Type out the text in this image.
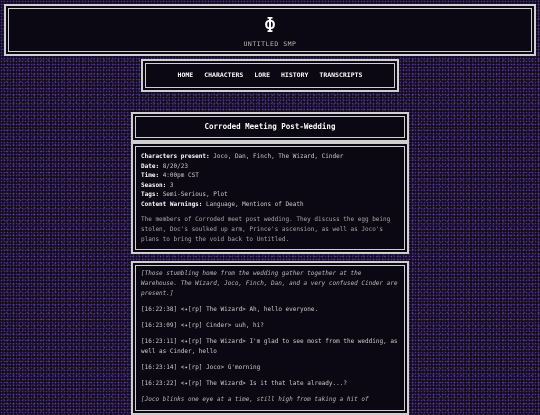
Φ
UNTITLED SMP
HOME CHARACTERS LORE HISTORY TRANSCRIPTS
Corroded Meeting Post-Wedding
Characters present: Joco, Dan, Finch, The Wizard, Cinder
Date: 8/20/23
Time: 4:00pm CST
Season: 3
Tags: Semi-Serious, Plot
Content Warnings: Language, Mentions of Death
The members of Corroded meet post wedding. They discuss the egg being stolen, Doc's soulked up arm, Prince's ascension, as well as Joco's plans to bring the void back to Untitled.

[Those stumbling home from the wedding gather together at the Warehouse. The Wizard, Joco, Finch, Dan, and a very confused Cinder are present.]

[16:22:38] <✦[rp] The Wizard> Ah, hello everyone.

[16:23:09] <✦[rp] Cinder> uuh, hi?

[16:23:11] <✦[rp] The Wizard> I'm glad to see most from the wedding, as well as Cinder, hello

[16:23:14] <✦[rp] Joco> G'morning

[16:23:22] <✦[rp] The Wizard> Is it that late already...?

[Joco blinks one eye at a time, still high from taking a hit of
